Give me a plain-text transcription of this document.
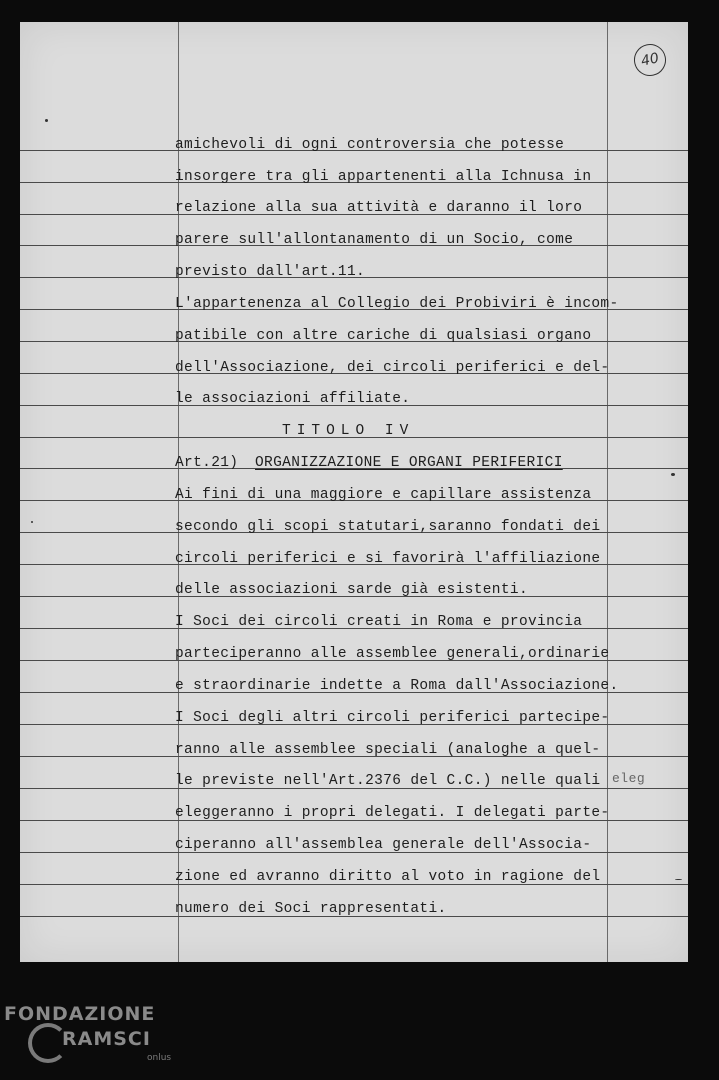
40
amichevoli di ogni controversia che potesse
insorgere tra gli appartenenti alla Ichnusa in
relazione alla sua attività e daranno il loro
parere sull'allontanamento di un Socio, come
previsto dall'art.11.
L'appartenenza al Collegio dei Probiviri è incom-
patibile con altre cariche di qualsiasi organo
dell'Associazione, dei circoli periferici e del-
le associazioni affiliate.
TITOLO IV
Art.21) ORGANIZZAZIONE E ORGANI PERIFERICI
Ai fini di una maggiore e capillare assistenza
secondo gli scopi statutari,saranno fondati dei
circoli periferici e si favorirà l'affiliazione
delle associazioni sarde già esistenti.
I Soci dei circoli creati in Roma e provincia
parteciperanno alle assemblee generali,ordinarie
e straordinarie indette a Roma dall'Associazione.
I Soci degli altri circoli periferici partecipe-
ranno alle assemblee speciali (analoghe a quel-
le previste nell'Art.2376 del C.C.) nelle quali
eleggeranno i propri delegati. I delegati parte-
ciperanno all'assemblea generale dell'Associa-
zione ed avranno diritto al voto in ragione del
numero dei Soci rappresentati.
eleg
FONDAZIONE
RAMSCI
onlus
